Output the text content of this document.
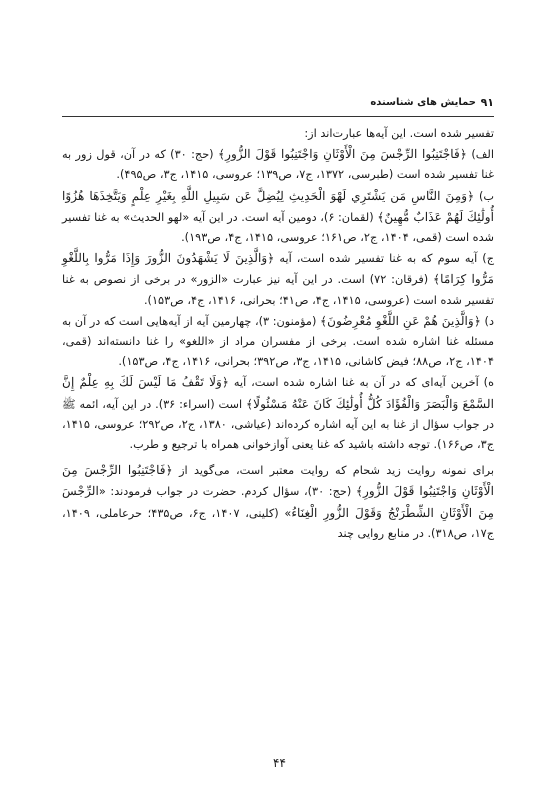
۹۱
حمایش های شناسنده

تفسیر شده است. این آیه‌ها عبارت‌اند از:

الف) ﴿فَاجْتَنِبُوا الرِّجْسَ مِنَ الْأَوْثَانِ وَاجْتَنِبُوا قَوْلَ الزُّورِ﴾ (حج: ۳۰) که در آن، قول زور به غنا تفسیر شده است (طبرسی، ۱۳۷۲، ج۷، ص۱۳۹؛ عروسی، ۱۴۱۵، ج۳، ص۴۹۵).

ب) ﴿وَمِنَ النَّاسِ مَن يَشْتَرِي لَهْوَ الْحَدِيثِ لِيُضِلَّ عَن سَبِيلِ اللَّهِ بِغَيْرِ عِلْمٍ وَيَتَّخِذَهَا هُزُوًا أُولَٰئِكَ لَهُمْ عَذَابٌ مُّهِينٌ﴾ (لقمان: ۶)، دومین آیه است. در این آیه «لهو الحدیث» به غنا تفسیر شده است (قمی، ۱۴۰۴، ج۲، ص۱۶۱؛ عروسی، ۱۴۱۵، ج۴، ص۱۹۳).

ج) آیه سوم که به غنا تفسیر شده است، آیه ﴿وَالَّذِينَ لَا يَشْهَدُونَ الزُّورَ وَإِذَا مَرُّوا بِاللَّغْوِ مَرُّوا كِرَامًا﴾ (فرقان: ۷۲) است. در این آیه نیز عبارت «الزور» در برخی از نصوص به غنا تفسیر شده است (عروسی، ۱۴۱۵، ج۴، ص۴۱؛ بحرانی، ۱۴۱۶، ج۴، ص۱۵۳).

د) ﴿وَالَّذِينَ هُمْ عَنِ اللَّغْوِ مُعْرِضُونَ﴾ (مؤمنون: ۳)، چهارمین آیه از آیه‌هایی است که در آن به مسئله غنا اشاره شده است. برخی از مفسران مراد از «اللغو» را غنا دانسته‌اند (قمی، ۱۴۰۴، ج۲، ص۸۸؛ فیض کاشانی، ۱۴۱۵، ج۳، ص۳۹۲؛ بحرانی، ۱۴۱۶، ج۴، ص۱۵۳).

ه) آخرین آیه‌ای که در آن به غنا اشاره شده است، آیه ﴿وَلَا تَقْفُ مَا لَيْسَ لَكَ بِهِ عِلْمٌ إِنَّ السَّمْعَ وَالْبَصَرَ وَالْفُؤَادَ كُلُّ أُولَٰئِكَ كَانَ عَنْهُ مَسْئُولًا﴾ است (اسراء: ۳۶). در این آیه، ائمه ﷺ در جواب سؤال از غنا به این آیه اشاره کرده‌اند (عیاشی، ۱۳۸۰، ج۲، ص۲۹۲؛ عروسی، ۱۴۱۵، ج۳، ص۱۶۶). توجه داشته باشید که غنا یعنی آوازخوانی همراه با ترجیع و طرب.

برای نمونه روایت زید شحام که روایت معتبر است، می‌گوید از ﴿فَاجْتَنِبُوا الرِّجْسَ مِنَ الْأَوْثَانِ وَاجْتَنِبُوا قَوْلَ الزُّورِ﴾ (حج: ۳۰)، سؤال کردم. حضرت در جواب فرمودند: «الرِّجْسَ مِنَ الْأَوْثَانِ الشِّطْرَنْجُ وَقَوْلَ الزُّورِ الْغِنَاءُ» (کلینی، ۱۴۰۷، ج۶، ص۴۳۵؛ حرعاملی، ۱۴۰۹، ج۱۷، ص۳۱۸). در منابع روایی چند

۴۴
